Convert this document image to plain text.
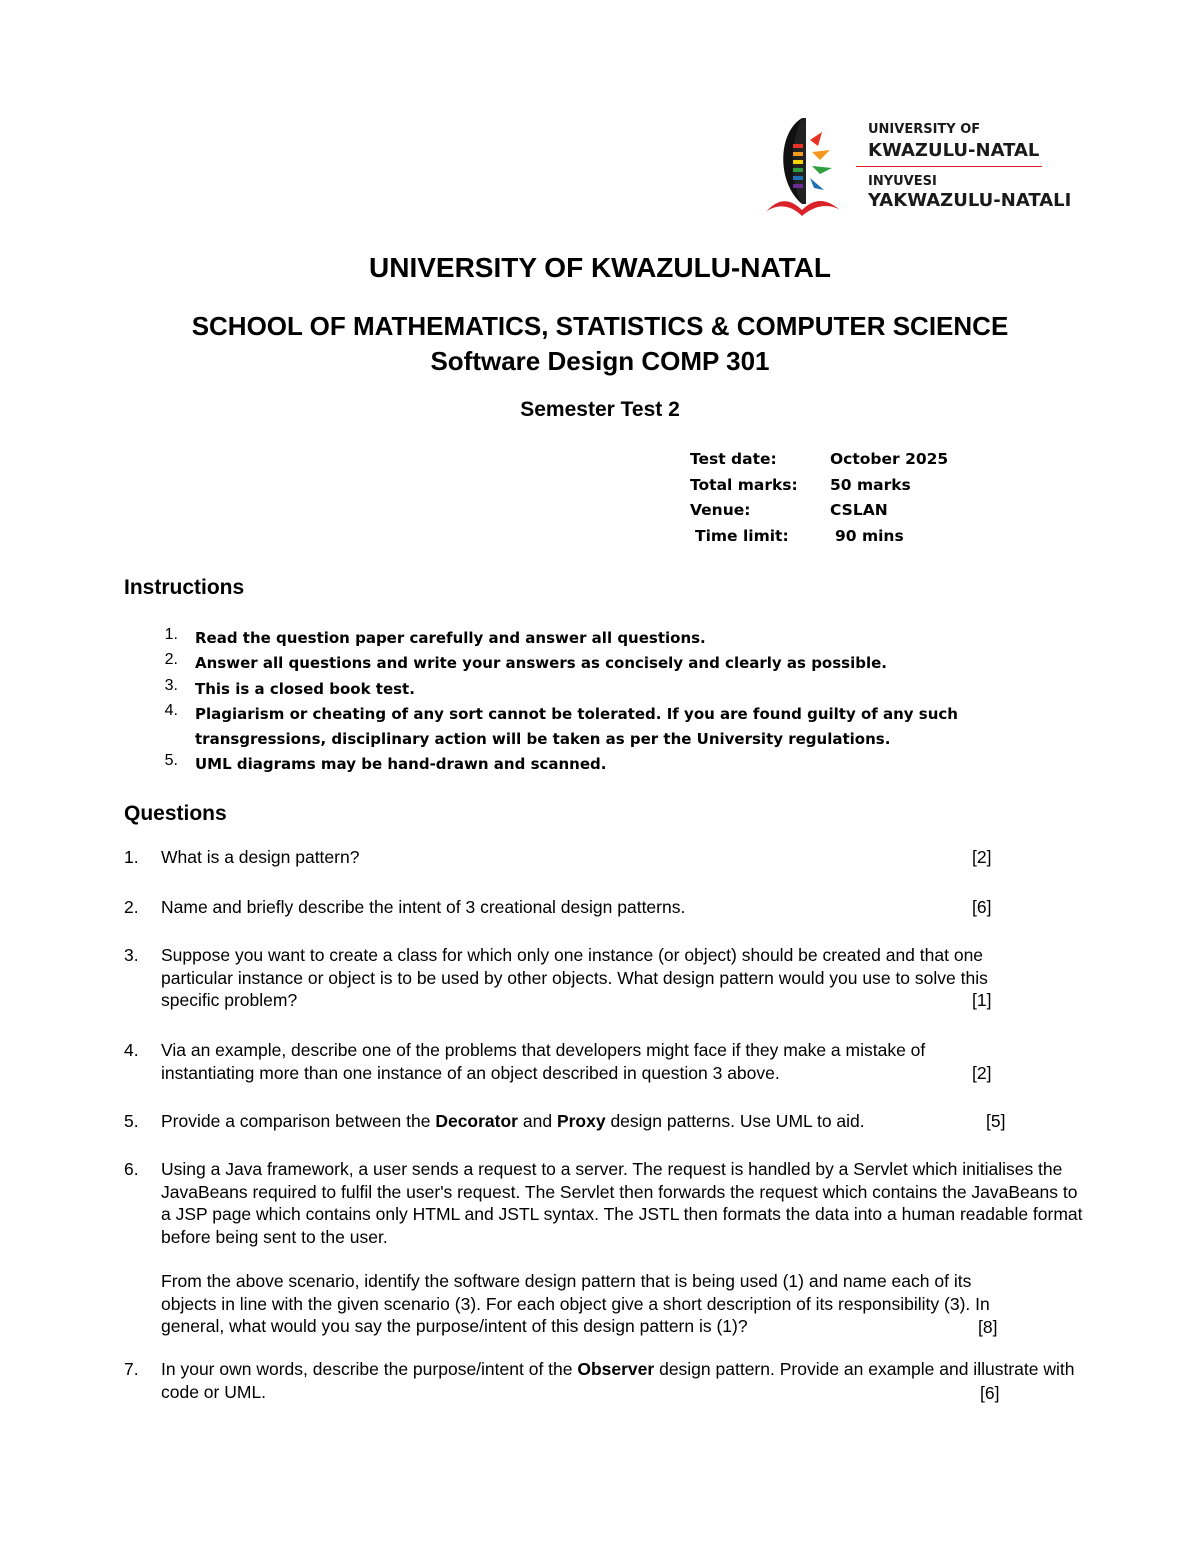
UNIVERSITY OF
KWAZULU-NATAL
INYUVESI
YAKWAZULU-NATALI
UNIVERSITY OF KWAZULU-NATAL
SCHOOL OF MATHEMATICS, STATISTICS & COMPUTER SCIENCE
Software Design COMP 301
Semester Test 2
Test date:	October 2025
Total marks: 50 marks
Venue:	CSLAN
Time limit:	90 mins
Instructions
1. Read the question paper carefully and answer all questions.
2. Answer all questions and write your answers as concisely and clearly as possible.
3. This is a closed book test.
4. Plagiarism or cheating of any sort cannot be tolerated. If you are found guilty of any such transgressions, disciplinary action will be taken as per the University regulations.
5. UML diagrams may be hand-drawn and scanned.
Questions
1. What is a design pattern?	[2]
2. Name and briefly describe the intent of 3 creational design patterns.	[6]
3. Suppose you want to create a class for which only one instance (or object) should be created and that one particular instance or object is to be used by other objects. What design pattern would you use to solve this specific problem?	[1]
4. Via an example, describe one of the problems that developers might face if they make a mistake of instantiating more than one instance of an object described in question 3 above.	[2]
5. Provide a comparison between the Decorator and Proxy design patterns. Use UML to aid.	[5]
6. Using a Java framework, a user sends a request to a server. The request is handled by a Servlet which initialises the JavaBeans required to fulfil the user's request. The Servlet then forwards the request which contains the JavaBeans to a JSP page which contains only HTML and JSTL syntax. The JSTL then formats the data into a human readable format before being sent to the user.

From the above scenario, identify the software design pattern that is being used (1) and name each of its objects in line with the given scenario (3). For each object give a short description of its responsibility (3). In general, what would you say the purpose/intent of this design pattern is (1)?	[8]
7. In your own words, describe the purpose/intent of the Observer design pattern. Provide an example and illustrate with code or UML.	[6]
